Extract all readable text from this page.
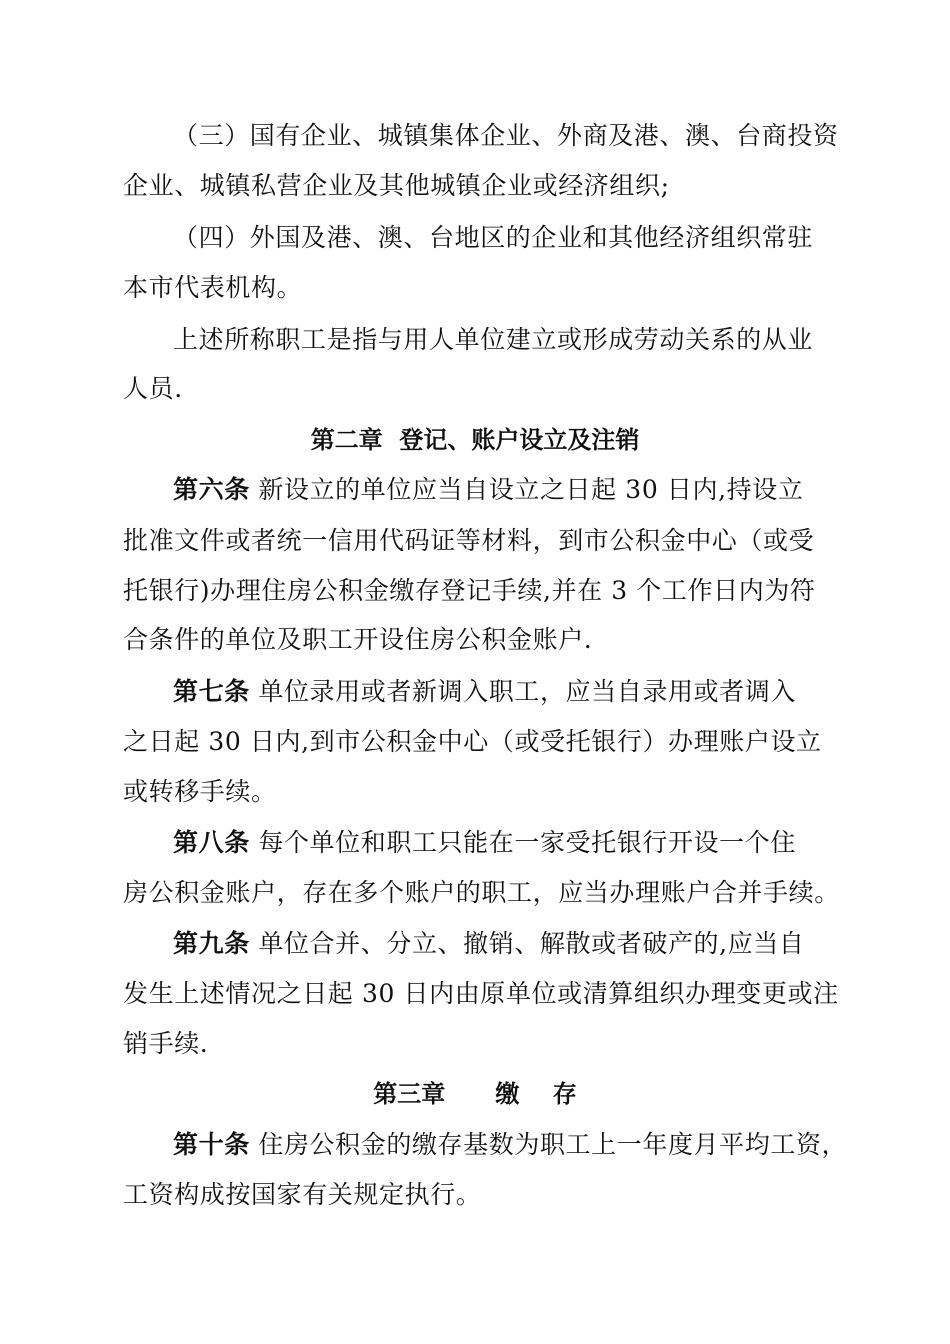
（三）国有企业、城镇集体企业、外商及港、澳、台商投资
企业、城镇私营企业及其他城镇企业或经济组织;
（四）外国及港、澳、台地区的企业和其他经济组织常驻
本市代表机构。
上述所称职工是指与用人单位建立或形成劳动关系的从业
人员.
第二章  登记、账户设立及注销
第六条 新设立的单位应当自设立之日起 30 日内,持设立
批准文件或者统一信用代码证等材料，到市公积金中心（或受
托银行)办理住房公积金缴存登记手续,并在 3 个工作日内为符
合条件的单位及职工开设住房公积金账户.
第七条 单位录用或者新调入职工，应当自录用或者调入
之日起 30 日内,到市公积金中心（或受托银行）办理账户设立
或转移手续。
第八条 每个单位和职工只能在一家受托银行开设一个住
房公积金账户，存在多个账户的职工，应当办理账户合并手续。
第九条 单位合并、分立、撤销、解散或者破产的,应当自
发生上述情况之日起 30 日内由原单位或清算组织办理变更或注
销手续.
第三章      缴    存
第十条 住房公积金的缴存基数为职工上一年度月平均工资，
工资构成按国家有关规定执行。
